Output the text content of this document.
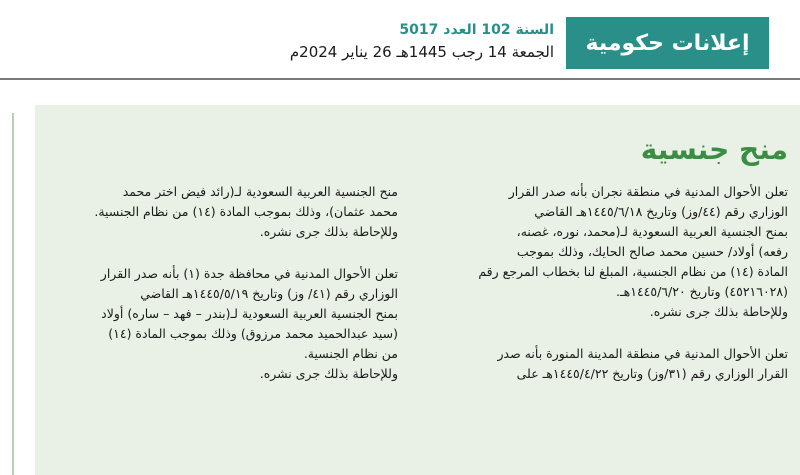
إعلانات حكومية
السنة 102 العدد 5017
الجمعة 14 رجب 1445هـ 26 يناير 2024م
منح جنسية

تعلن الأحوال المدنية في منطقة نجران بأنه صدر القرار

الوزاري رقم (٤٤/وز) وتاريخ ١٤٤٥/٦/١٨هـ القاضي

بمنح الجنسية العربية السعودية لـ(محمد، نوره، غصنه،

رفعه) أولاد/ حسين محمد صالح الحايك، وذلك بموجب

المادة (١٤) من نظام الجنسية، المبلغ لنا بخطاب المرجع رقم

(٤٥٢١٦٠٢٨) وتاريخ ١٤٤٥/٦/٢٠هـ.

وللإحاطة بذلك جرى نشره.

تعلن الأحوال المدنية في منطقة المدينة المنورة بأنه صدر

القرار الوزاري رقم (٣١/وز) وتاريخ ١٤٤٥/٤/٢٢هـ على

منح الجنسية العربية السعودية لـ(رائد فيض اختر محمد

محمد عثمان)، وذلك بموجب المادة (١٤) من نظام الجنسية.

وللإحاطة بذلك جرى نشره.

تعلن الأحوال المدنية في محافظة جدة (١) بأنه صدر القرار

الوزاري رقم (٤١/ وز) وتاريخ ١٤٤٥/٥/١٩هـ القاضي

بمنح الجنسية العربية السعودية لـ(بندر – فهد – ساره) أولاد

(سيد عبدالحميد محمد مرزوق) وذلك بموجب المادة (١٤)

من نظام الجنسية.

وللإحاطة بذلك جرى نشره.
